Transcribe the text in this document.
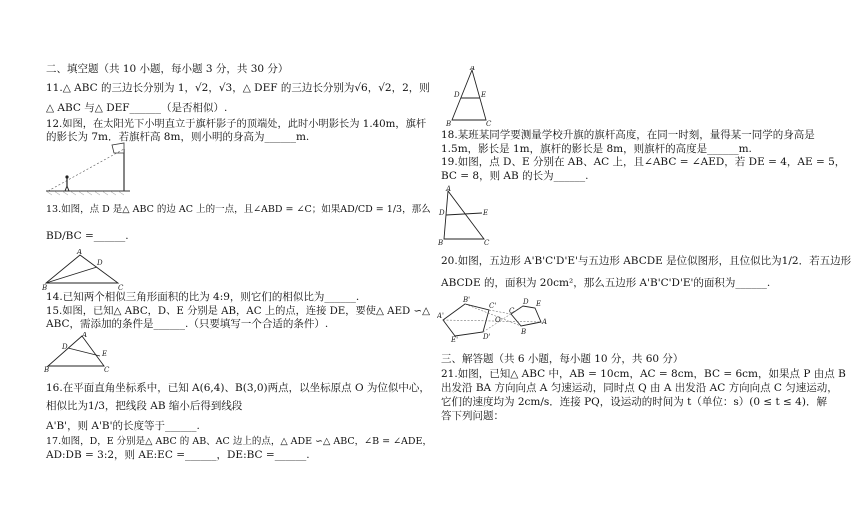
二、填空题（共 10 小题，每小题 3 分，共 30 分）
11.△ ABC 的三边长分别为 1，√2，√3，△ DEF 的三边长分别为√6，√2，2，则
△ ABC 与△ DEF______（是否相似）.
12.如图，在太阳光下小明直立于旗杆影子的顶端处，此时小明影长为 1.40m，旗杆
的影长为 7m．若旗杆高 8m，则小明的身高为______m.
13.如图，点 D 是△ ABC 的边 AC 上的一点，且∠ABD = ∠C；如果AD/CD = 1/3，那么
BD/BC =______.
A
D
B	C
14.已知两个相似三角形面积的比为 4:9，则它们的相似比为______.
15.如图，已知△ ABC，D、E 分别是 AB，AC 上的点，连接 DE，要使△ AED ∽△
ABC，需添加的条件是______.（只要填写一个合适的条件）.
A
D
E
B	C
16.在平面直角坐标系中，已知 A(6,4)、B(3,0)两点，以坐标原点 O 为位似中心，
相似比为1/3，把线段 AB 缩小后得到线段
A'B'，则 A'B'的长度等于______.
17.如图，D，E 分别是△ ABC 的 AB、AC 边上的点，△ ADE ∽△ ABC，∠B = ∠ADE，
AD:DB = 3:2，则 AE:EC =______，DE:BC =______.
A
D	E
B	C
18.某班某同学要测量学校升旗的旗杆高度，在同一时刻，量得某一同学的身高是
1.5m，影长是 1m，旗杆的影长是 8m，则旗杆的高度是______m.
19.如图，点 D、E 分别在 AB、AC 上，且∠ABC = ∠AED，若 DE = 4，AE = 5，
BC = 8，则 AB 的长为______.
A
D	E
B	C
20.如图，五边形 A'B'C'D'E'与五边形 ABCDE 是位似图形，且位似比为1/2．若五边形
ABCDE 的，面积为 20cm²，那么五边形 A'B'C'D'E'的面积为______.
A'
B'
C'
D'
E'
A
B
C
D E
O
三、解答题（共 6 小题，每小题 10 分，共 60 分）
21.如图，已知△ ABC 中，AB = 10cm，AC = 8cm，BC = 6cm，如果点 P 由点 B
出发沿 BA 方向向点 A 匀速运动，同时点 Q 由 A 出发沿 AC 方向向点 C 匀速运动，
它们的速度均为 2cm/s．连接 PQ，设运动的时间为 t（单位：s）(0 ≤ t ≤ 4)．解
答下列问题：
